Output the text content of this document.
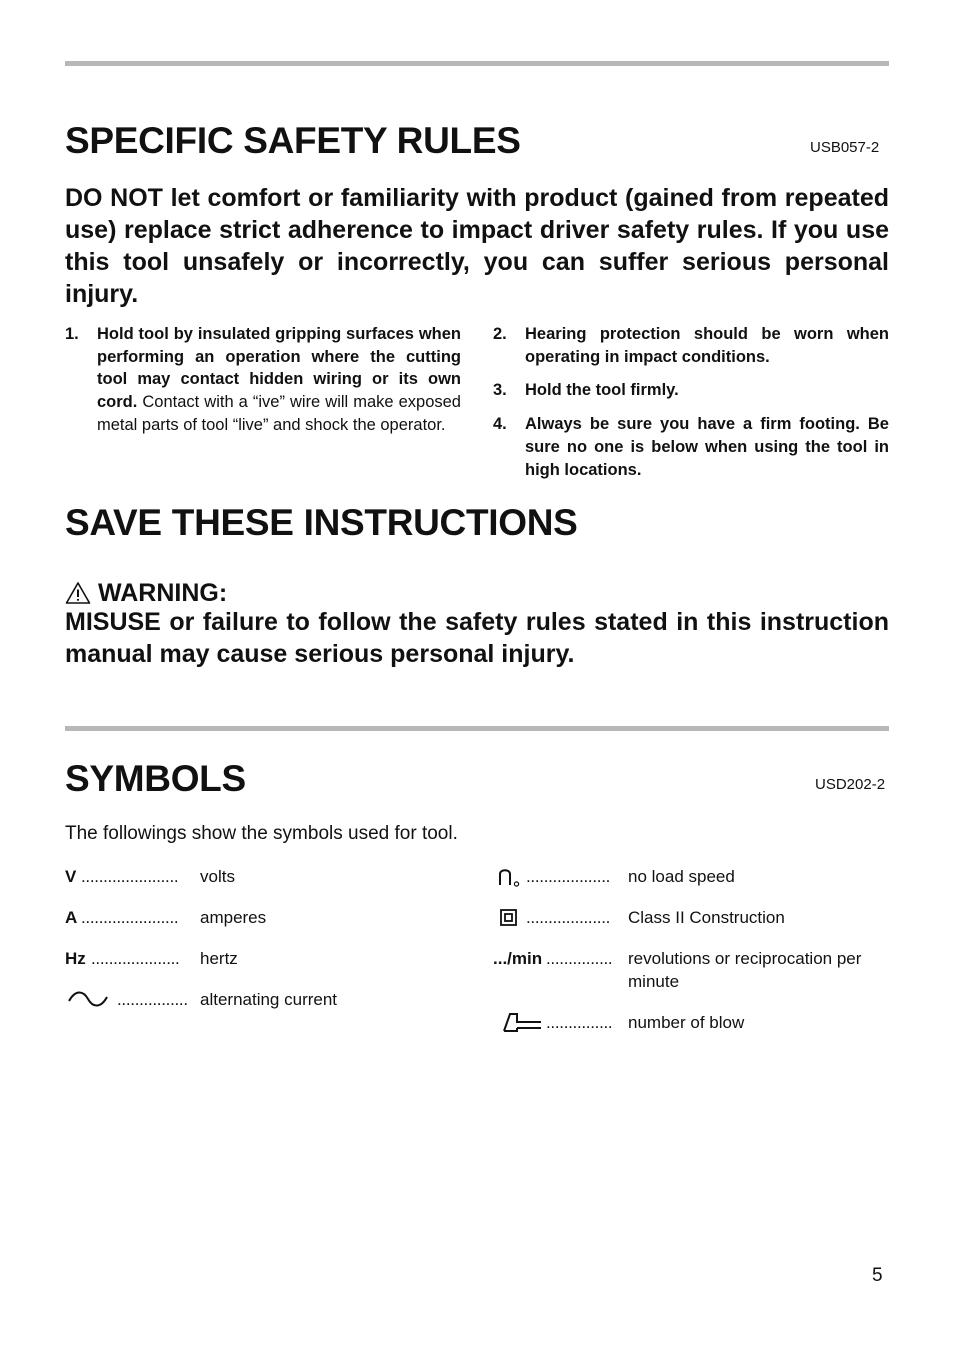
SPECIFIC SAFETY RULES	USB057-2

DO NOT let comfort or familiarity with product (gained from repeated use) replace strict adherence to impact driver safety rules. If you use this tool unsafely or incorrectly, you can suffer serious personal injury.

1. Hold tool by insulated gripping surfaces when performing an operation where the cutting tool may contact hidden wiring or its own cord. Contact with a “ive” wire will make exposed metal parts of tool “live” and shock the operator.
2. Hearing protection should be worn when operating in impact conditions.
3. Hold the tool firmly.
4. Always be sure you have a firm footing. Be sure no one is below when using the tool in high locations.
SAVE THESE INSTRUCTIONS
WARNING:

MISUSE or failure to follow the safety rules stated in this instruction manual may cause serious personal injury.

SYMBOLS	USD202-2
The followings show the symbols used for tool.
V ......................	volts
A ......................	amperes
Hz ....................	hertz
................ alternating current
...................	no load speed
...................	Class II Construction
.../min ............... revolutions or reciprocation per minute
............... number of blow
5
